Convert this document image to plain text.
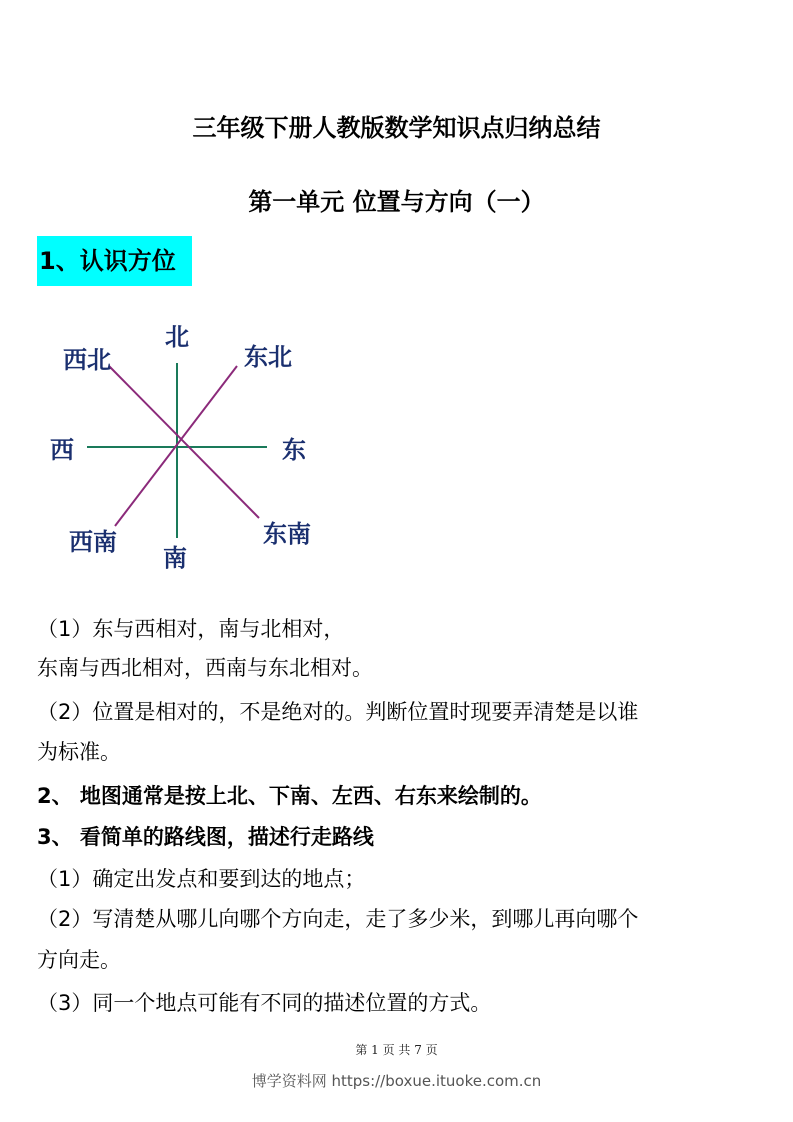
三年级下册人教版数学知识点归纳总结
第一单元 位置与方向（一）
1、认识方位
北
东北
东
东南
南
西南
西
西北
（1）东与西相对，南与北相对，
东南与西北相对，西南与东北相对。
（2）位置是相对的，不是绝对的。判断位置时现要弄清楚是以谁
为标准。
2、 地图通常是按上北、下南、左西、右东来绘制的。
3、 看简单的路线图，描述行走路线
（1）确定出发点和要到达的地点；
（2）写清楚从哪儿向哪个方向走，走了多少米，到哪儿再向哪个
方向走。
（3）同一个地点可能有不同的描述位置的方式。
第 1 页 共 7 页
博学资料网 https://boxue.ituoke.com.cn
